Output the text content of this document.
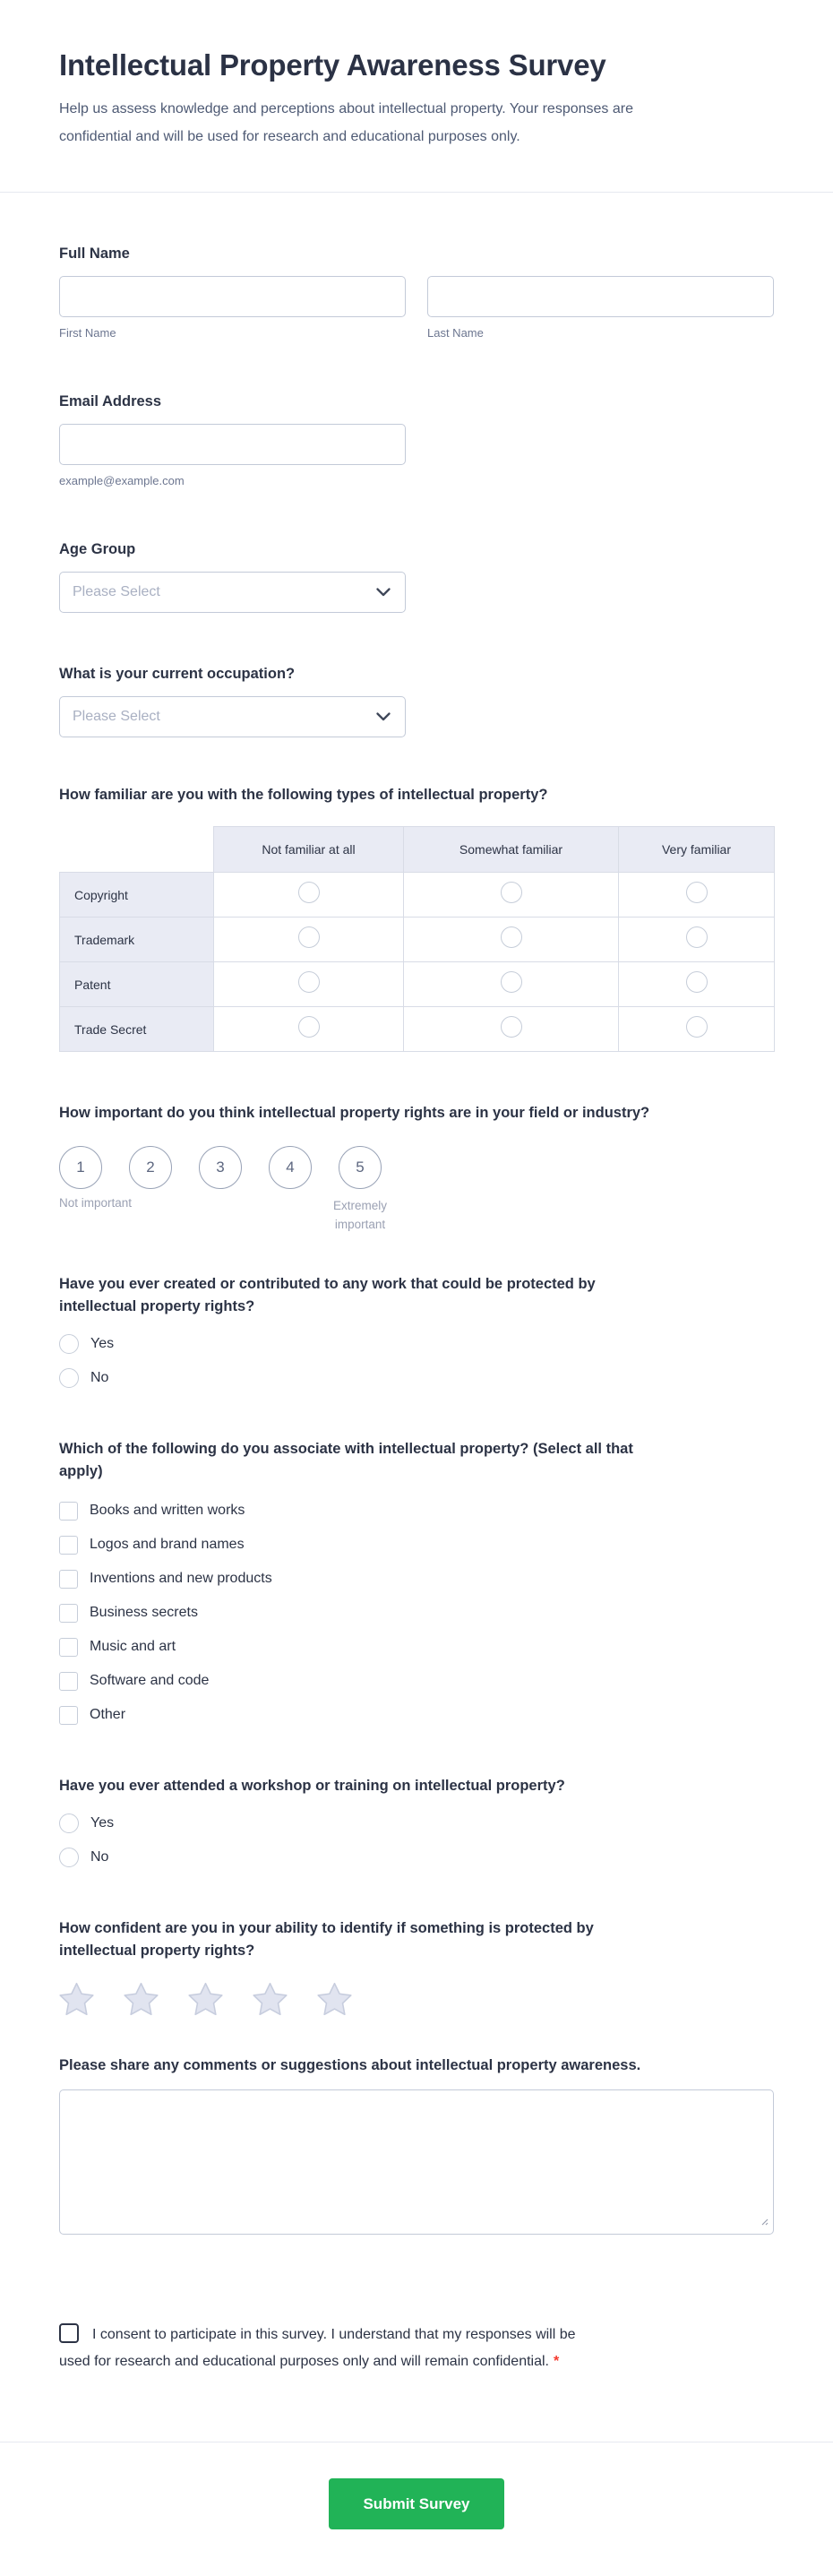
Intellectual Property Awareness Survey

Help us assess knowledge and perceptions about intellectual property. Your responses are confidential and will be used for research and educational purposes only.

Full Name
First Name	Last Name
Email Address
example@example.com
Age Group
Please Select
What is your current occupation?
Please Select
How familiar are you with the following types of intellectual property?
	Not familiar at all	Somewhat familiar	Very familiar
Copyright			
Trademark			
Patent			
Trade Secret			
How important do you think intellectual property rights are in your field or industry?
1	2	3	4	5
Not important	Extremely important
Have you ever created or contributed to any work that could be protected by intellectual property rights?
Yes
No
Which of the following do you associate with intellectual property? (Select all that apply)
Books and written works
Logos and brand names
Inventions and new products
Business secrets
Music and art
Software and code
Other
Have you ever attended a workshop or training on intellectual property?
Yes
No
How confident are you in your ability to identify if something is protected by intellectual property rights?
Please share any comments or suggestions about intellectual property awareness.

I consent to participate in this survey. I understand that my responses will be used for research and educational purposes only and will remain confidential. *

Submit Survey
